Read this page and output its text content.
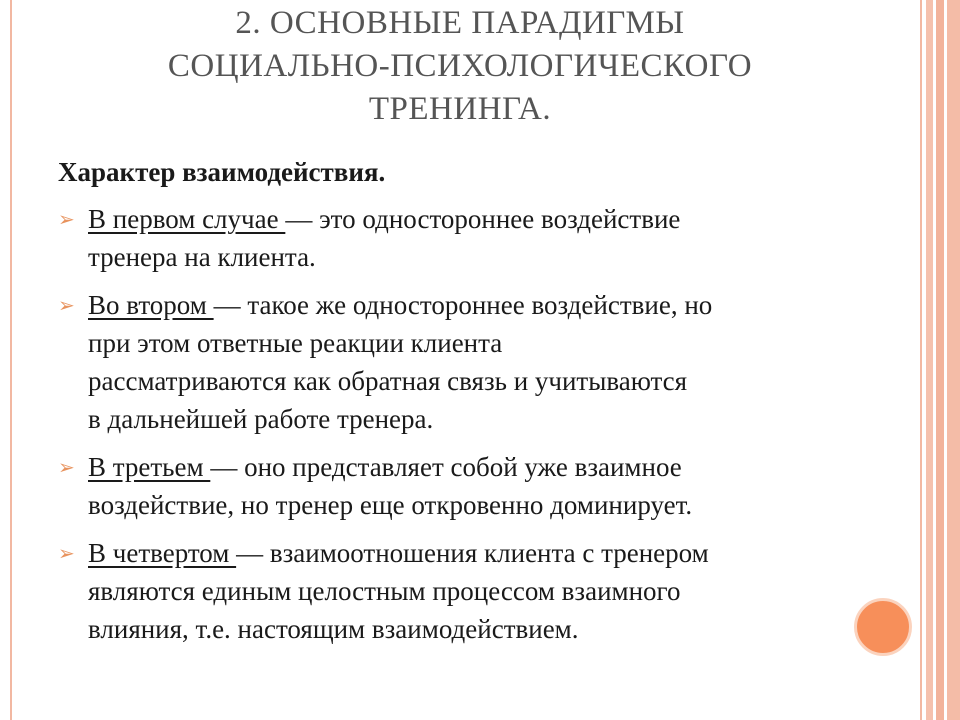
2. ОСНОВНЫЕ ПАРАДИГМЫ
СОЦИАЛЬНО-ПСИХОЛОГИЧЕСКОГО
ТРЕНИНГА.
Характер взаимодействия.
➢ В первом случае — это одностороннее воздействие
тренера на клиента.
➢ Во втором — такое же одностороннее воздействие, но
при этом ответные реакции клиента
рассматриваются как обратная связь и учитываются
в дальнейшей работе тренера.
➢ В третьем — оно представляет собой уже взаимное
воздействие, но тренер еще откровенно доминирует.
➢ В четвертом — взаимоотношения клиента с тренером
являются единым целостным процессом взаимного
влияния, т.е. настоящим взаимодействием.
